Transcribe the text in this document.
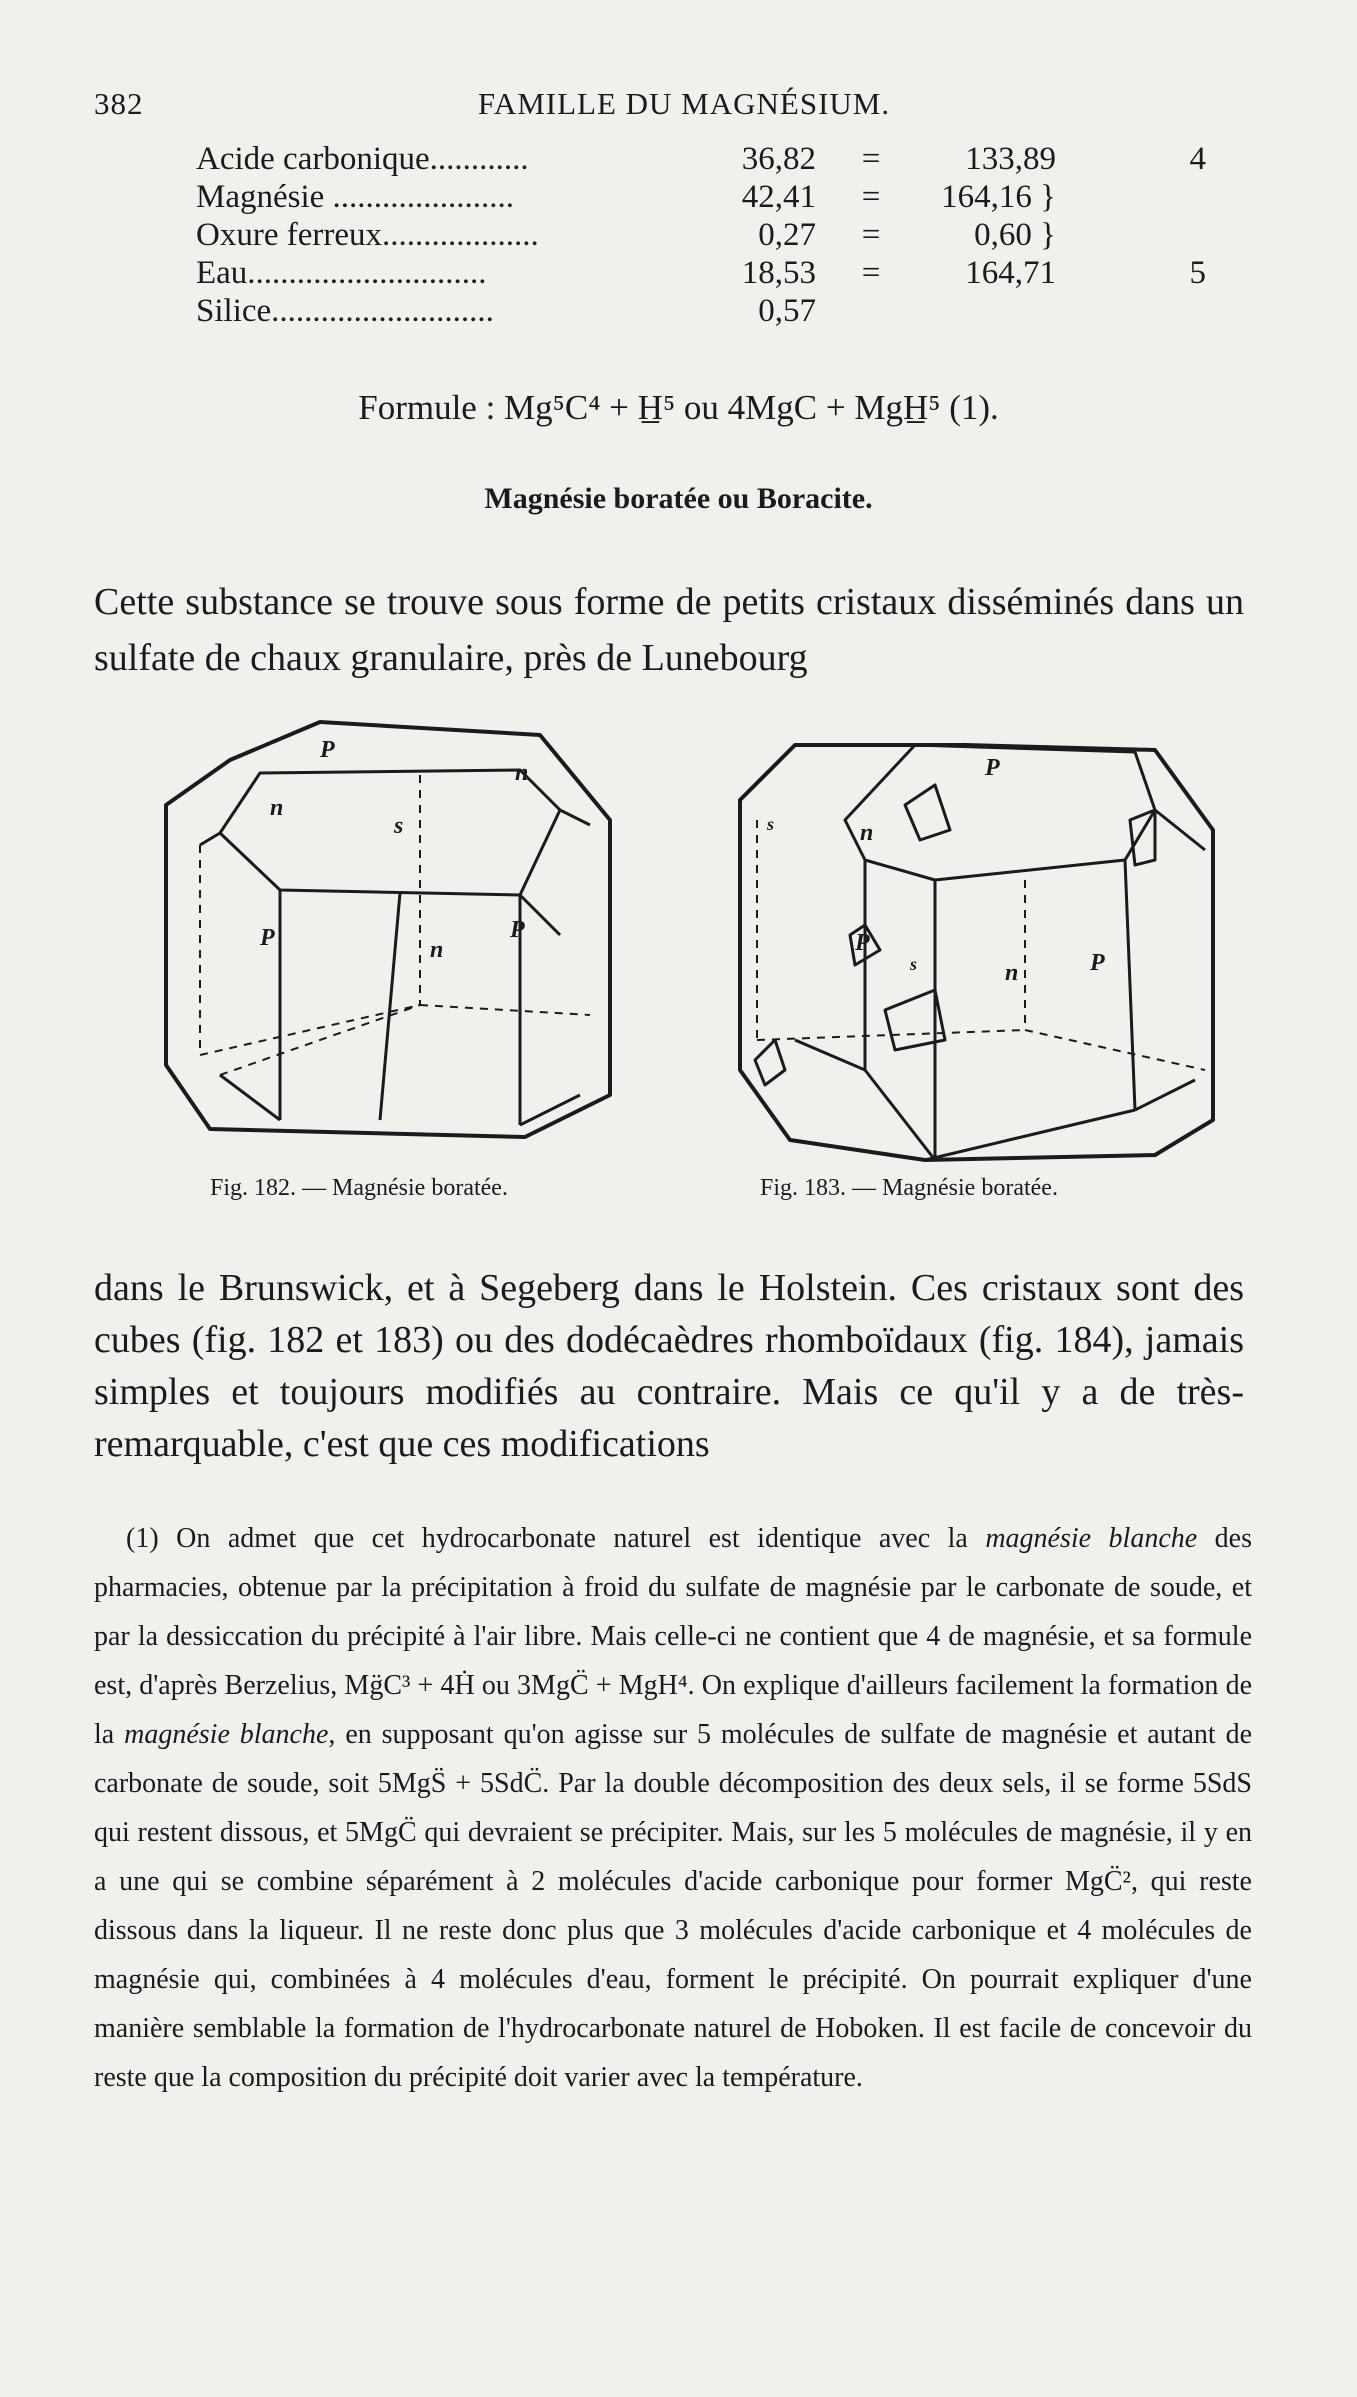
382	FAMILLE DU MAGNÉSIUM.
Acide carbonique............	36,82	=	133,89	4
Magnésie ......................	42,41	=	164,16 }	
Oxure ferreux...................	0,27	=	0,60 }	
Eau.............................	18,53	=	164,71	5
Silice...........................	0,57			
Formule : Mg⁵C⁴ + H̲⁵ ou 4MgC + MgH̲⁵ (1).
Magnésie boratée ou Boracite.
Cette substance se trouve sous forme de petits cristaux disséminés dans un sulfate de chaux granulaire, près de Lunebourg
P
n
n
s
P	P
n
Fig. 182. — Magnésie boratée.
P
n
s
s
P
n	P
Fig. 183. — Magnésie boratée.
dans le Brunswick, et à Segeberg dans le Holstein. Ces cristaux sont des cubes (fig. 182 et 183) ou des dodécaèdres rhomboïdaux (fig. 184), jamais simples et toujours modifiés au contraire. Mais ce qu'il y a de très-remarquable, c'est que ces modifications
(1) On admet que cet hydrocarbonate naturel est identique avec la magnésie blanche des pharmacies, obtenue par la précipitation à froid du sulfate de magnésie par le carbonate de soude, et par la dessiccation du précipité à l'air libre. Mais celle-ci ne contient que 4 de magnésie, et sa formule est, d'après Berzelius, Mg̈C³ + 4Ḣ ou 3MgC̈ + MgH⁴. On explique d'ailleurs facilement la formation de la magnésie blanche, en supposant qu'on agisse sur 5 molécules de sulfate de magnésie et autant de carbonate de soude, soit 5MgS̈ + 5SdC̈. Par la double décomposition des deux sels, il se forme 5SdS qui restent dissous, et 5MgC̈ qui devraient se précipiter. Mais, sur les 5 molécules de magnésie, il y en a une qui se combine séparément à 2 molécules d'acide carbonique pour former MgC̈², qui reste dissous dans la liqueur. Il ne reste donc plus que 3 molécules d'acide carbonique et 4 molécules de magnésie qui, combinées à 4 molécules d'eau, forment le précipité. On pourrait expliquer d'une manière semblable la formation de l'hydrocarbonate naturel de Hoboken. Il est facile de concevoir du reste que la composition du précipité doit varier avec la température.
